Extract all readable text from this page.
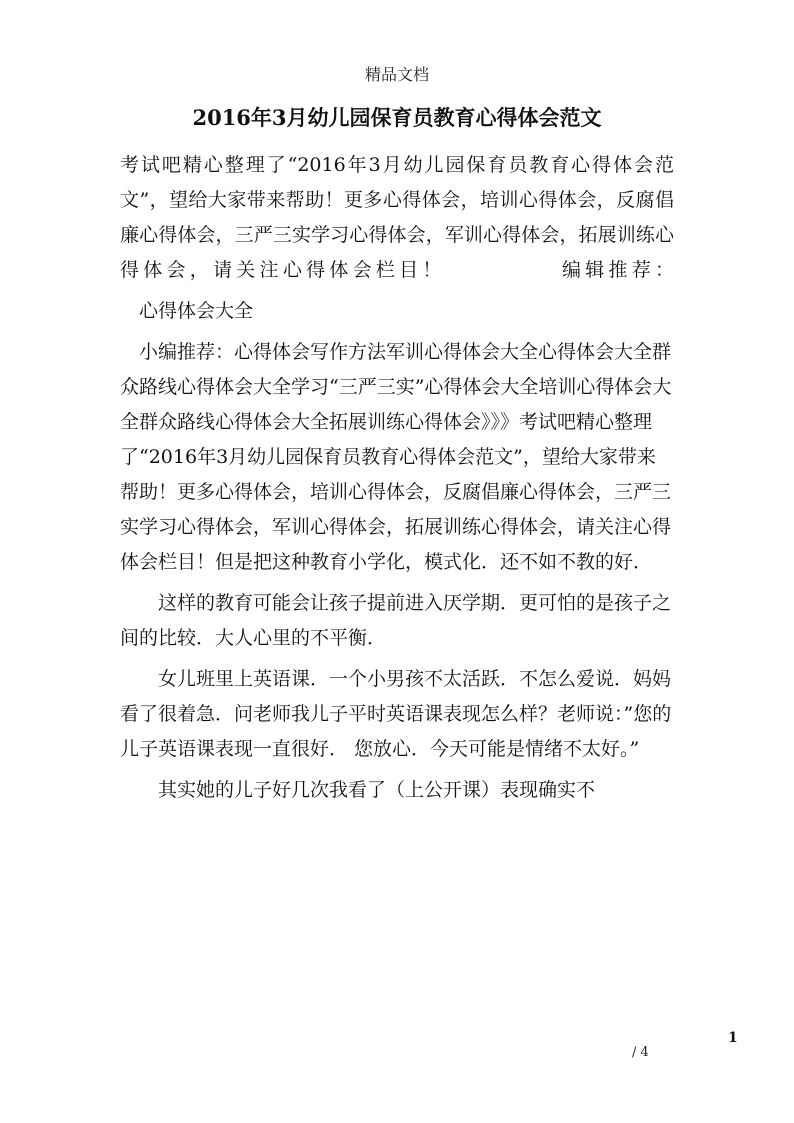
精品文档
2016年3月幼儿园保育员教育心得体会范文

考试吧精心整理了“2016年3月幼儿园保育员教育心得体会范文”，望给大家带来帮助！更多心得体会，培训心得体会，反腐倡廉心得体会，三严三实学习心得体会，军训心得体会，拓展训练心得体会，请关注心得体会栏目！　　　　　编辑推荐：

心得体会大全

小编推荐：心得体会写作方法军训心得体会大全心得体会大全群众路线心得体会大全学习“三严三实”心得体会大全培训心得体会大全群众路线心得体会大全拓展训练心得体会》》》考试吧精心整理了“2016年3月幼儿园保育员教育心得体会范文”，望给大家带来帮助！更多心得体会，培训心得体会，反腐倡廉心得体会，三严三实学习心得体会，军训心得体会，拓展训练心得体会，请关注心得体会栏目！但是把这种教育小学化，模式化．还不如不教的好．

这样的教育可能会让孩子提前进入厌学期．更可怕的是孩子之间的比较．大人心里的不平衡．

女儿班里上英语课．一个小男孩不太活跃．不怎么爱说．妈妈看了很着急．问老师我儿子平时英语课表现怎么样？老师说：”您的儿子英语课表现一直很好． 您放心．今天可能是情绪不太好。”

其实她的儿子好几次我看了（上公开课）表现确实不

1
/ 4
